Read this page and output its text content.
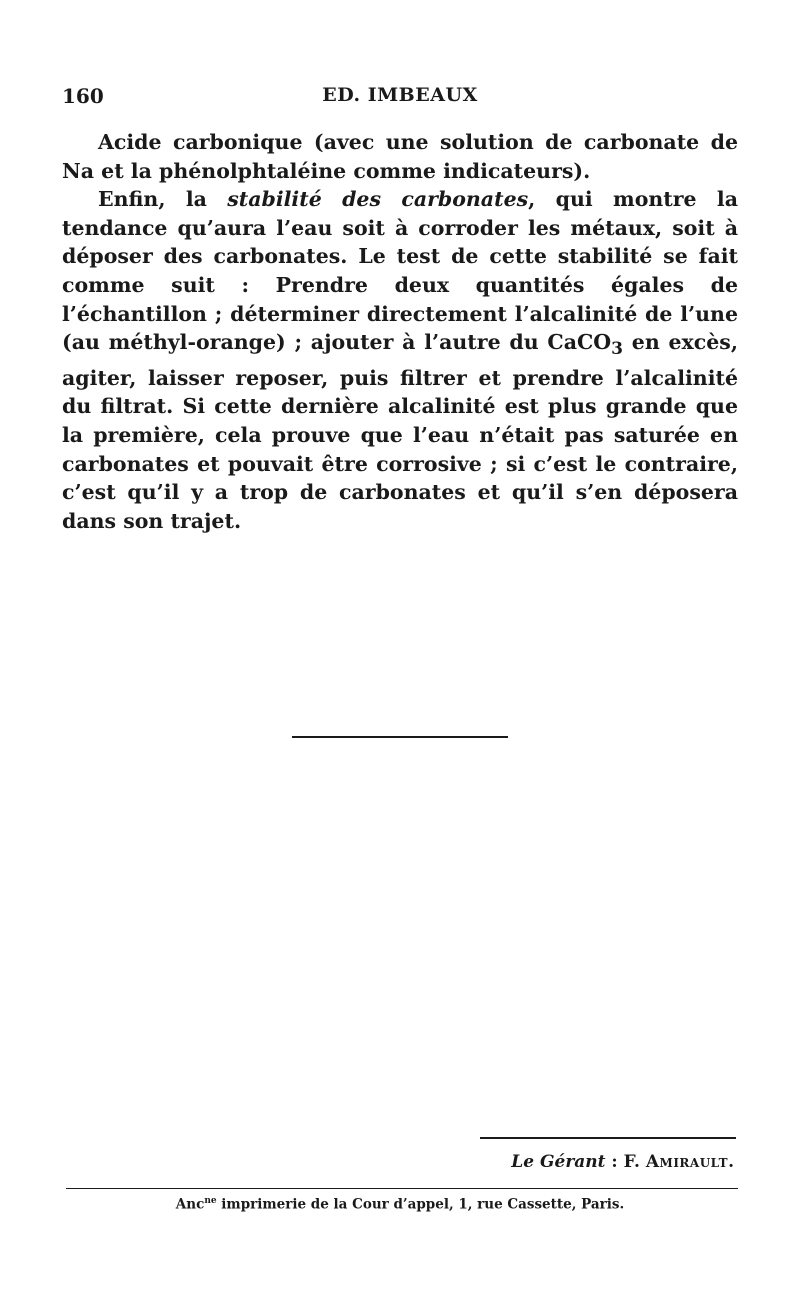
160	ED. IMBEAUX

Acide carbonique (avec une solution de carbonate de Na et la phénolphtaléine comme indicateurs).

Enfin, la stabilité des carbonates, qui montre la tendance qu’aura l’eau soit à corroder les métaux, soit à déposer des carbonates. Le test de cette stabilité se fait comme suit : Prendre deux quantités égales de l’échantillon ; déterminer directement l’alcalinité de l’une (au méthyl-orange) ; ajouter à l’autre du CaCO$_3$ en excès, agiter, laisser reposer, puis filtrer et prendre l’alcalinité du filtrat. Si cette dernière alcalinité est plus grande que la première, cela prouve que l’eau n’était pas saturée en carbonates et pouvait être corrosive ; si c’est le contraire, c’est qu’il y a trop de carbonates et qu’il s’en déposera dans son trajet.

Le Gérant : F. Amirault.
Anc$^{ne}$ imprimerie de la Cour d’appel, 1, rue Cassette, Paris.
